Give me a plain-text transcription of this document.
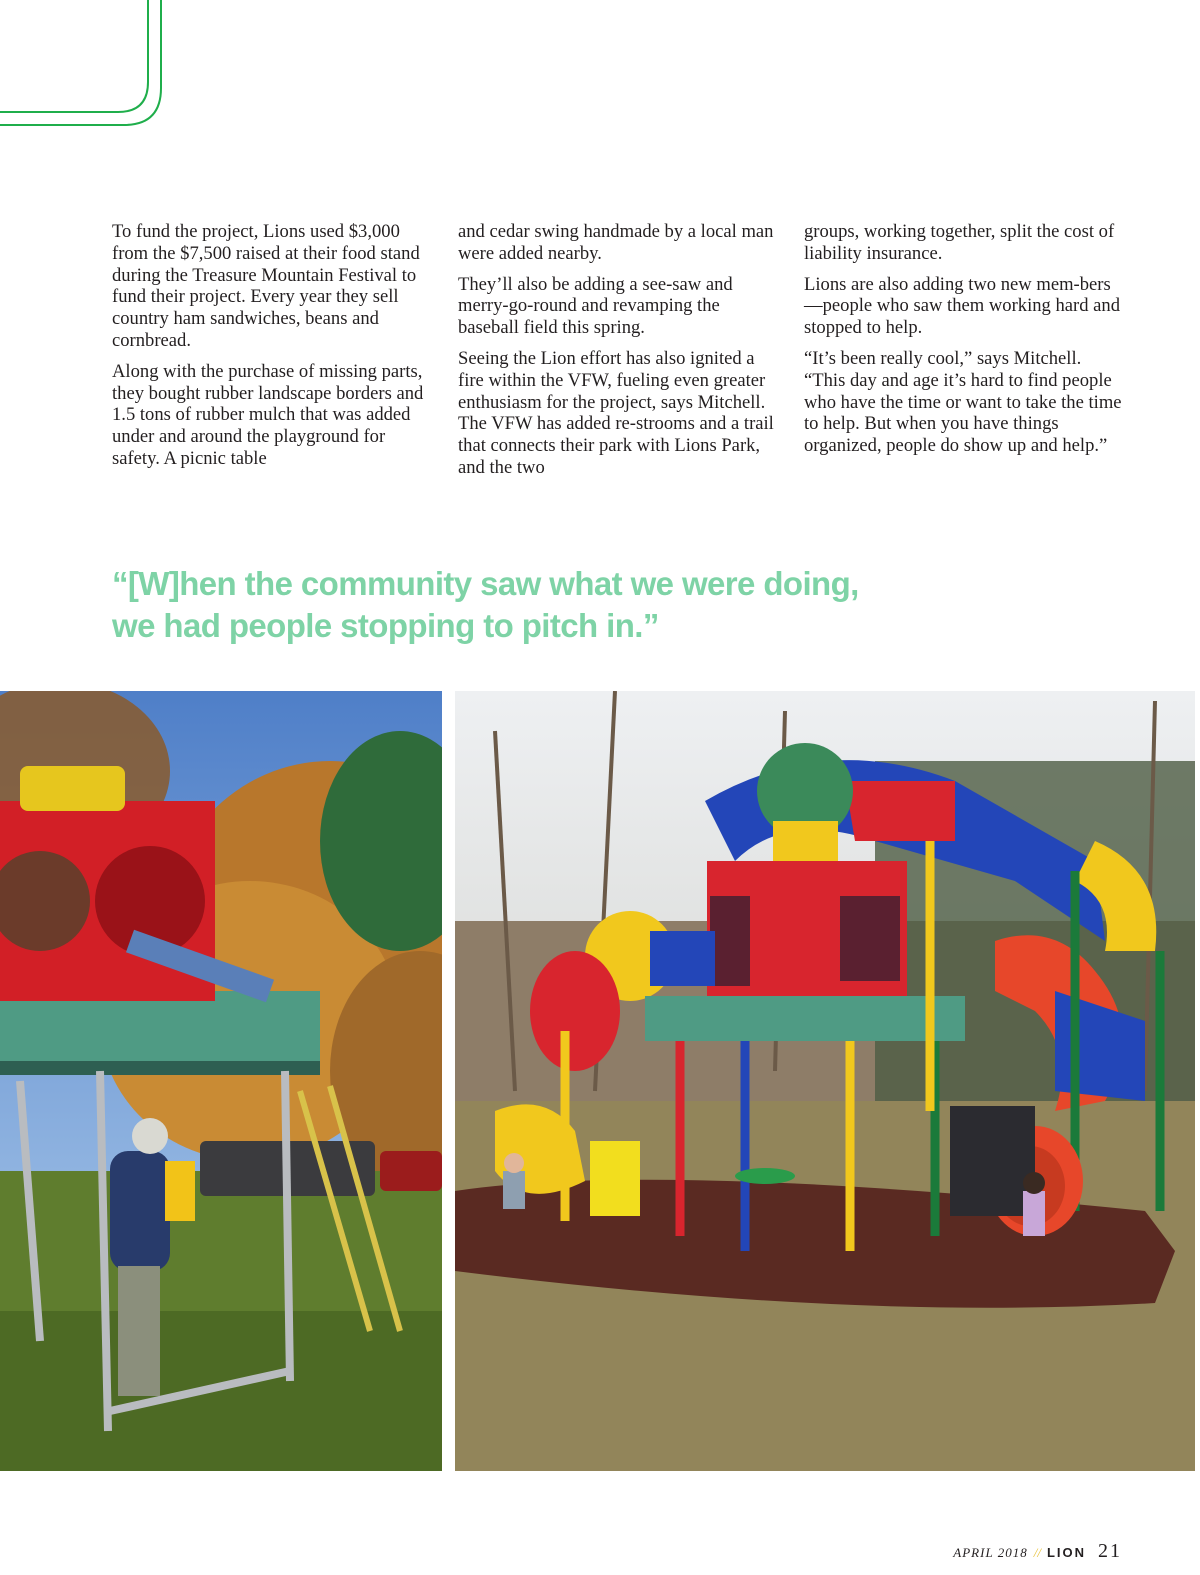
To fund the project, Lions used $3,000 from the $7,500 raised at their food stand during the Treasure Mountain Festival to fund their project. Every year they sell country ham sandwiches, beans and cornbread.

Along with the purchase of missing parts, they bought rubber landscape borders and 1.5 tons of rubber mulch that was added under and around the playground for safety. A picnic table

and cedar swing handmade by a local man were added nearby.

They’ll also be adding a see-saw and merry-go-round and revamping the baseball field this spring.

Seeing the Lion effort has also ignited a fire within the VFW, fueling even greater enthusiasm for the project, says Mitchell. The VFW has added re-strooms and a trail that connects their park with Lions Park, and the two

groups, working together, split the cost of liability insurance.

Lions are also adding two new mem-bers—people who saw them working hard and stopped to help.

“It’s been really cool,” says Mitchell. “This day and age it’s hard to find people who have the time or want to take the time to help. But when you have things organized, people do show up and help.”

“[W]hen the community saw what we were doing,
we had people stopping to pitch in.”
APRIL 2018 // LION 21
